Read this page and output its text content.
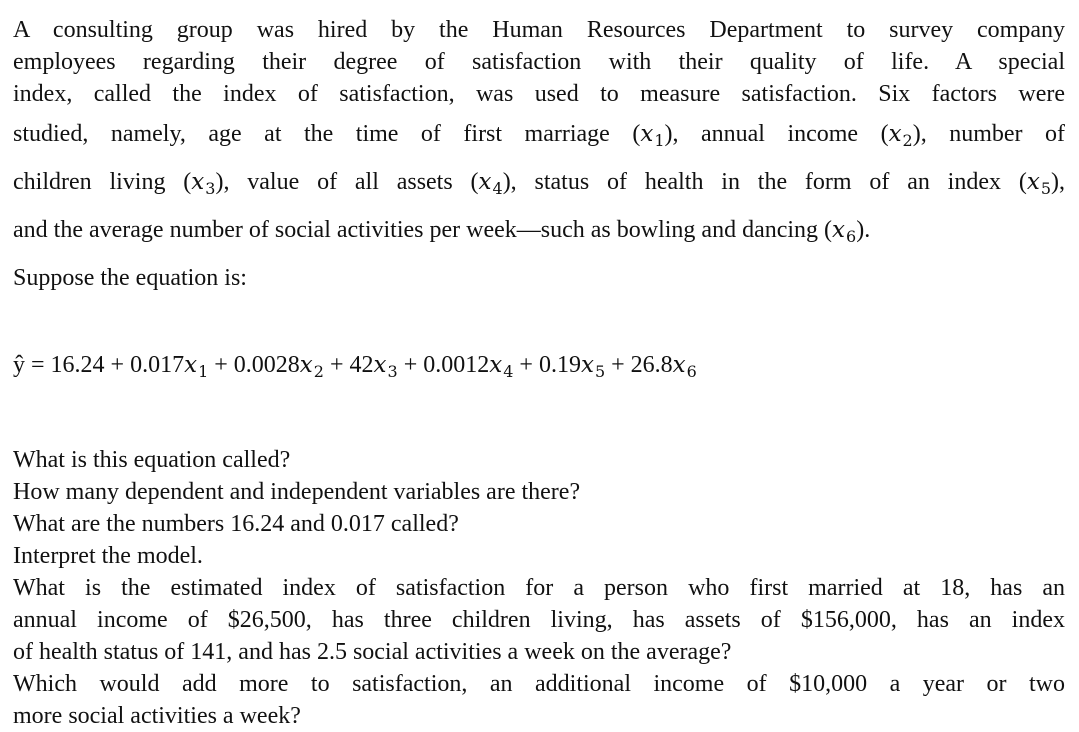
A consulting group was hired by the Human Resources Department to survey company
employees regarding their degree of satisfaction with their quality of life. A special
index, called the index of satisfaction, was used to measure satisfaction. Six factors were
studied, namely, age at the time of first marriage $(x_1)$, annual income $(x_2)$, number of
children living $(x_3)$, value of all assets $(x_4)$, status of health in the form of an index $(x_5)$,
and the average number of social activities per week—such as bowling and dancing $(x_6)$.
Suppose the equation is:
ŷ = $16.24 + 0.017x_1 + 0.0028x_2 + 42x_3 + 0.0012x_4 + 0.19x_5 + 26.8x_6$
What is this equation called?
How many dependent and independent variables are there?
What are the numbers 16.24 and 0.017 called?
Interpret the model.
What is the estimated index of satisfaction for a person who first married at 18, has an
annual income of $26,500, has three children living, has assets of $156,000, has an index
of health status of 141, and has 2.5 social activities a week on the average?
Which would add more to satisfaction, an additional income of $10,000 a year or two
more social activities a week?
